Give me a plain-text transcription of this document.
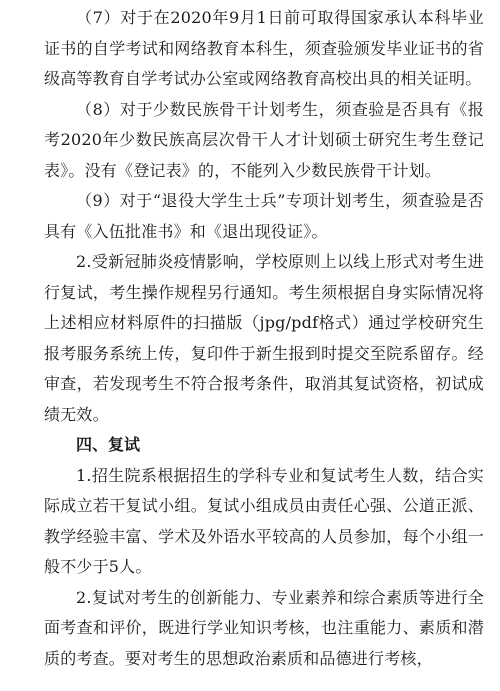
（7）对于在2020年9月1日前可取得国家承认本科毕业证书的自学考试和网络教育本科生，须查验颁发毕业证书的省级高等教育自学考试办公室或网络教育高校出具的相关证明。

（8）对于少数民族骨干计划考生，须查验是否具有《报考2020年少数民族高层次骨干人才计划硕士研究生考生登记表》。没有《登记表》的，不能列入少数民族骨干计划。

（9）对于“退役大学生士兵”专项计划考生，须查验是否具有《入伍批准书》和《退出现役证》。

2.受新冠肺炎疫情影响，学校原则上以线上形式对考生进行复试，考生操作规程另行通知。考生须根据自身实际情况将上述相应材料原件的扫描版（jpg/pdf格式）通过学校研究生报考服务系统上传，复印件于新生报到时提交至院系留存。经审查，若发现考生不符合报考条件，取消其复试资格，初试成绩无效。

四、复试

1.招生院系根据招生的学科专业和复试考生人数，结合实际成立若干复试小组。复试小组成员由责任心强、公道正派、教学经验丰富、学术及外语水平较高的人员参加，每个小组一般不少于5人。

2.复试对考生的创新能力、专业素养和综合素质等进行全面考查和评价，既进行学业知识考核，也注重能力、素质和潜质的考查。要对考生的思想政治素质和品德进行考核，
